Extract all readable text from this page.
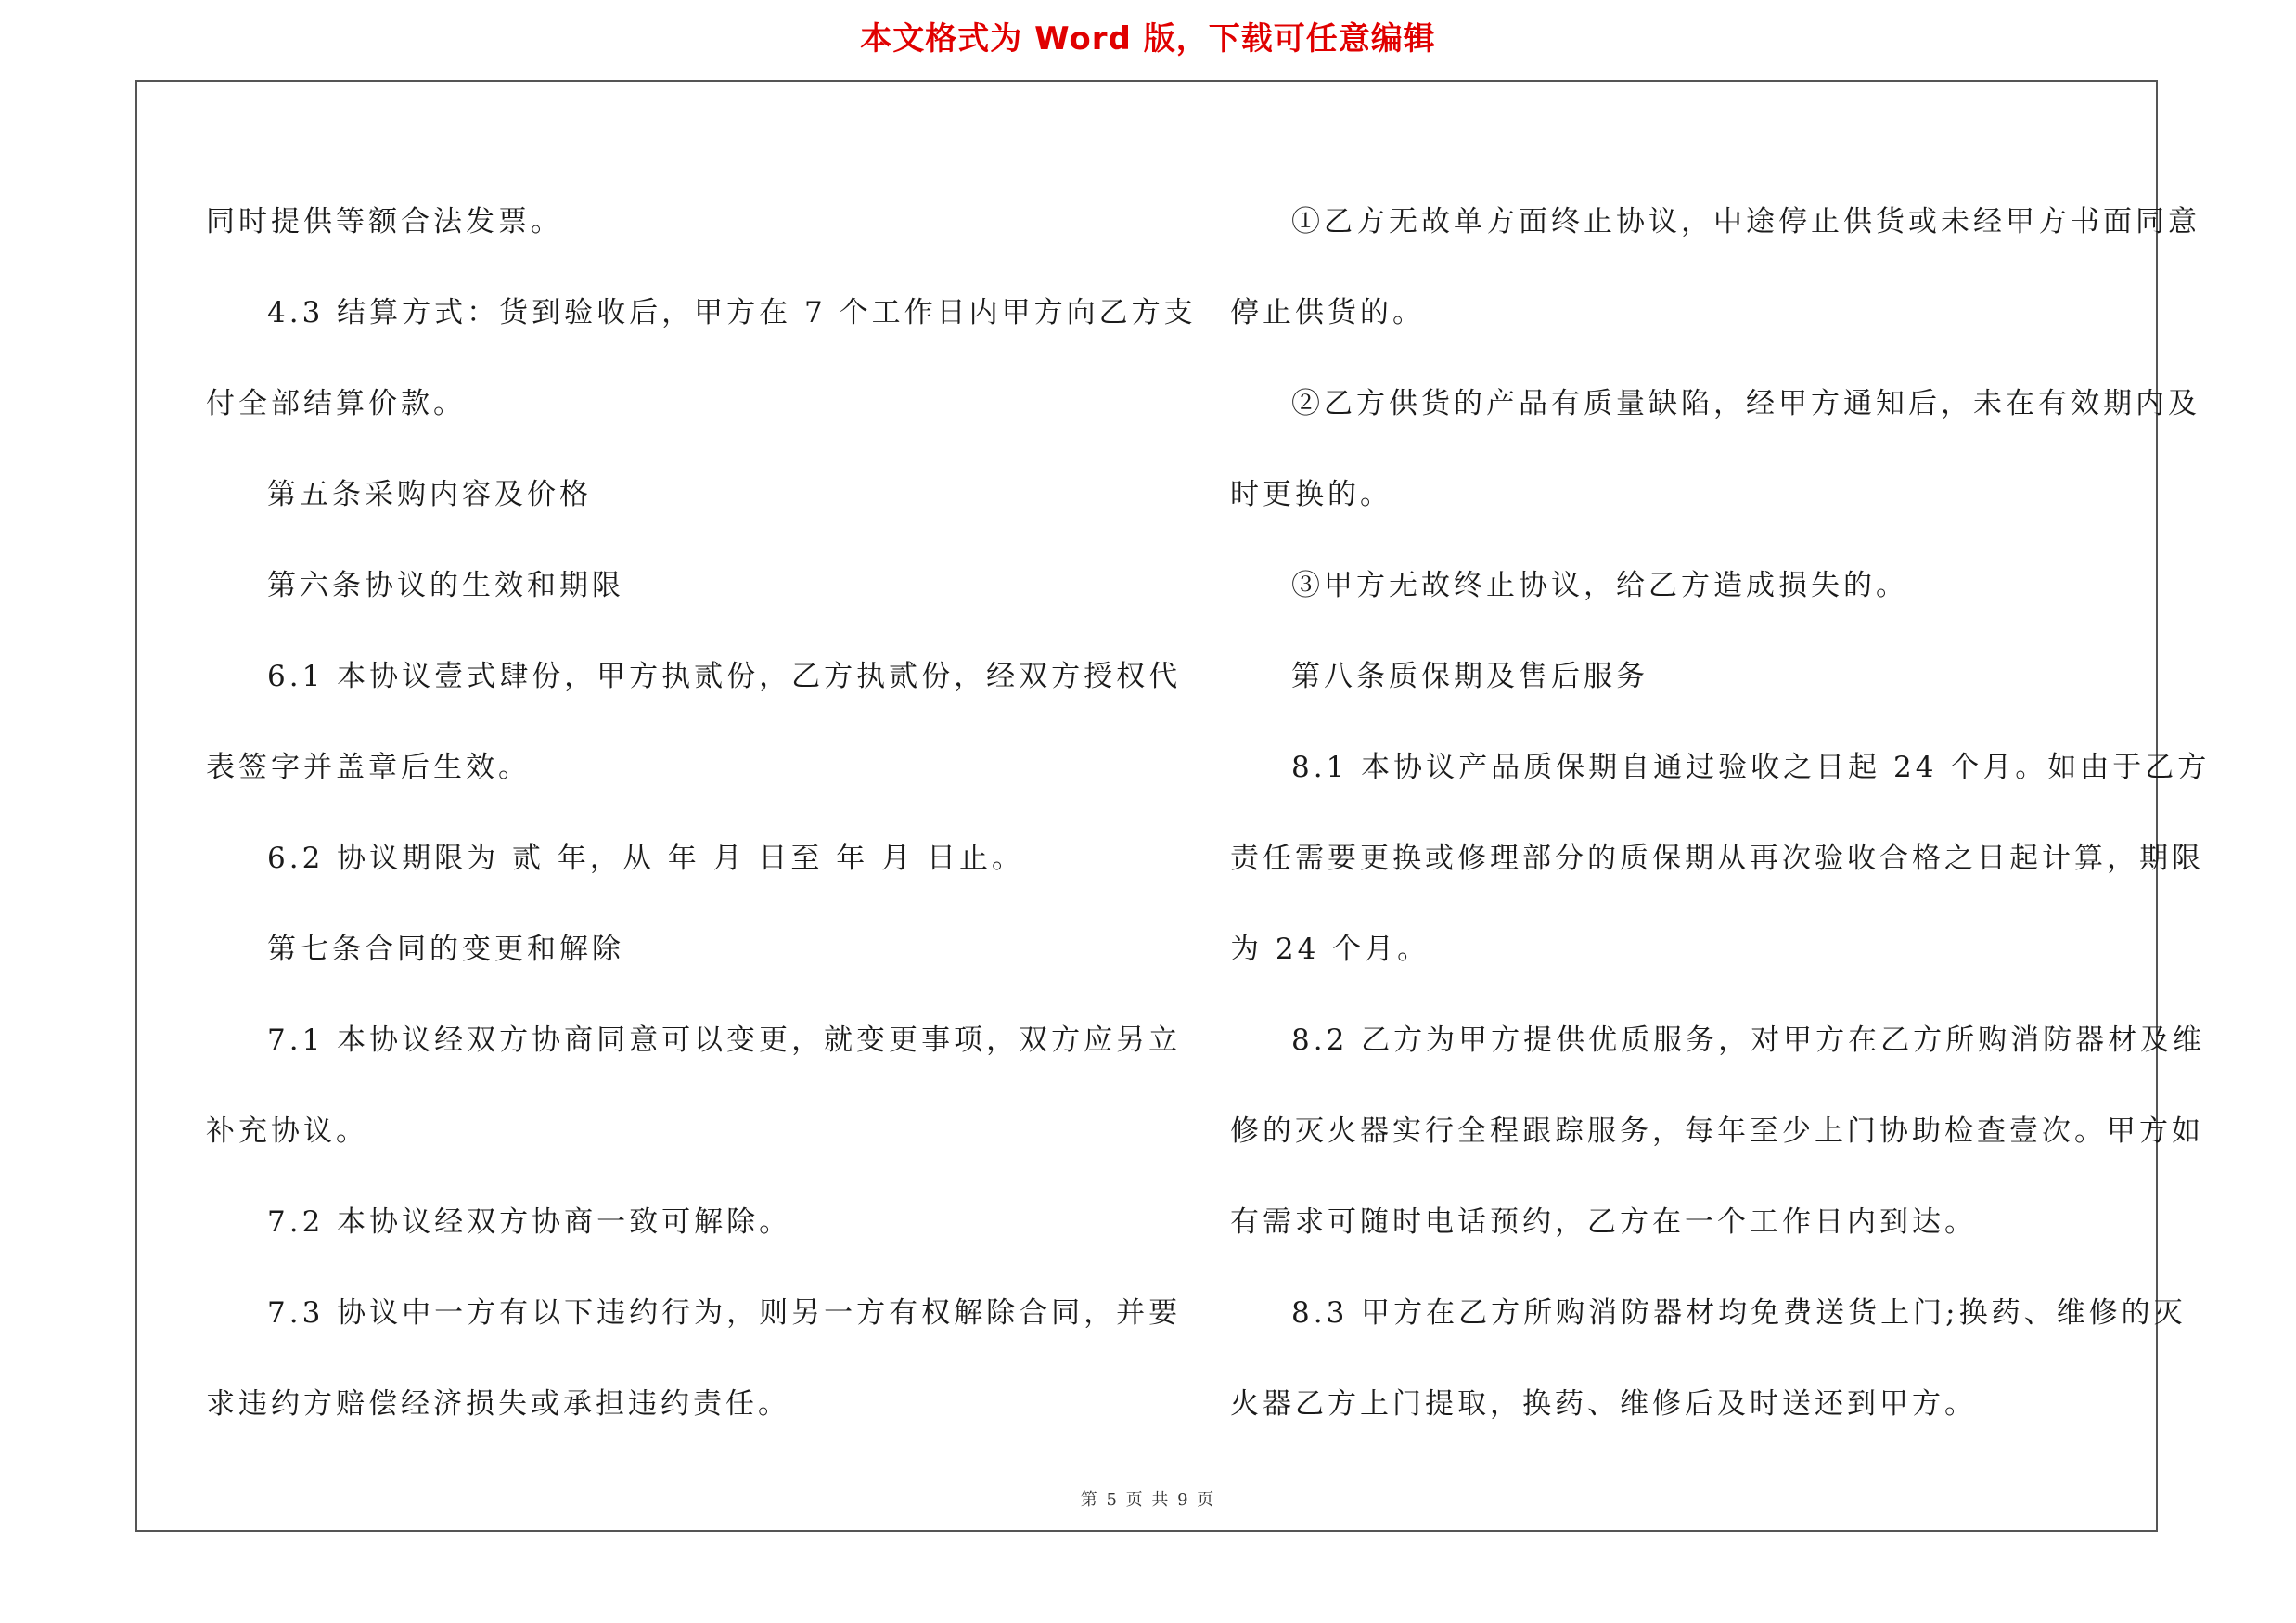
本文格式为 Word 版，下载可任意编辑

同时提供等额合法发票。

4.3 结算方式：货到验收后，甲方在 7 个工作日内甲方向乙方支

付全部结算价款。

第五条采购内容及价格

第六条协议的生效和期限

6.1 本协议壹式肆份，甲方执贰份，乙方执贰份，经双方授权代

表签字并盖章后生效。

6.2 协议期限为 贰 年，从 年 月 日至 年 月 日止。

第七条合同的变更和解除

7.1 本协议经双方协商同意可以变更，就变更事项，双方应另立

补充协议。

7.2 本协议经双方协商一致可解除。

7.3 协议中一方有以下违约行为，则另一方有权解除合同，并要

求违约方赔偿经济损失或承担违约责任。

①乙方无故单方面终止协议，中途停止供货或未经甲方书面同意

停止供货的。

②乙方供货的产品有质量缺陷，经甲方通知后，未在有效期内及

时更换的。

③甲方无故终止协议，给乙方造成损失的。

第八条质保期及售后服务

8.1 本协议产品质保期自通过验收之日起 24 个月。如由于乙方

责任需要更换或修理部分的质保期从再次验收合格之日起计算，期限

为 24 个月。

8.2 乙方为甲方提供优质服务，对甲方在乙方所购消防器材及维

修的灭火器实行全程跟踪服务，每年至少上门协助检查壹次。甲方如

有需求可随时电话预约，乙方在一个工作日内到达。

8.3 甲方在乙方所购消防器材均免费送货上门;换药、维修的灭

火器乙方上门提取，换药、维修后及时送还到甲方。

第 5 页 共 9 页
